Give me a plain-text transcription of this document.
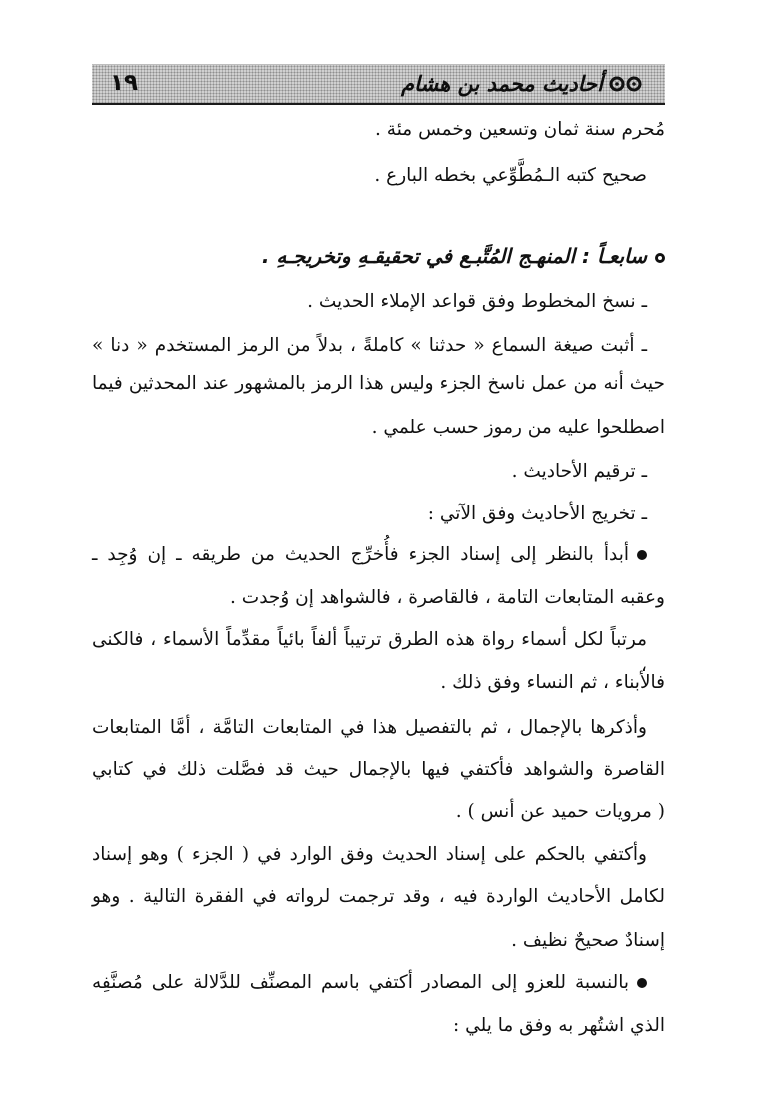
١٩	أحاديث محمد بن هشام
مُحرم سنة ثمان وتسعين وخمس مئة .
صحيح كتبه الـمُطَّوِّعي بخطه البارع .
سابعـاً : المنهـج المُتَّبـع في تحقيقـهِ وتخريجـهِ .
ـ نسخ المخطوط وفق قواعد الإملاء الحديث .
ـ أثبت صيغة السماع « حدثنا » كاملةً ، بدلاً من الرمز المستخدم « دنا »
حيث أنه من عمل ناسخ الجزء وليس هذا الرمز بالمشهور عند المحدثين فيما
اصطلحوا عليه من رموز حسب علمي .
ـ ترقيم الأحاديث .
ـ تخريج الأحاديث وفق الآتي :
أبدأ بالنظر إلى إسناد الجزء فأُخرِّج الحديث من طريقه ـ إن وُجِد ـ
وعقبه المتابعات التامة ، فالقاصرة ، فالشواهد إن وُجدت .
مرتباً لكل أسماء رواة هذه الطرق ترتيباً ألفاً بائياً مقدِّماً الأسماء ، فالكنى ،
فالأبناء ، ثم النساء وفق ذلك .
وأذكرها بالإجمال ، ثم بالتفصيل هذا في المتابعات التامَّة ، أمَّا المتابعات
القاصرة والشواهد فأكتفي فيها بالإجمال حيث قد فصَّلت ذلك في كتابي
( مرويات حميد عن أنس ) .
وأكتفي بالحكم على إسناد الحديث وفق الوارد في ( الجزء ) وهو إسناد
لكامل الأحاديث الواردة فيه ، وقد ترجمت لرواته في الفقرة التالية . وهو
إسنادٌ صحيحٌ نظيف .
بالنسبة للعزو إلى المصادر أكتفي باسم المصنِّف للدَّلالة على مُصنَّفِه
الذي اشتُهر به وفق ما يلي :
